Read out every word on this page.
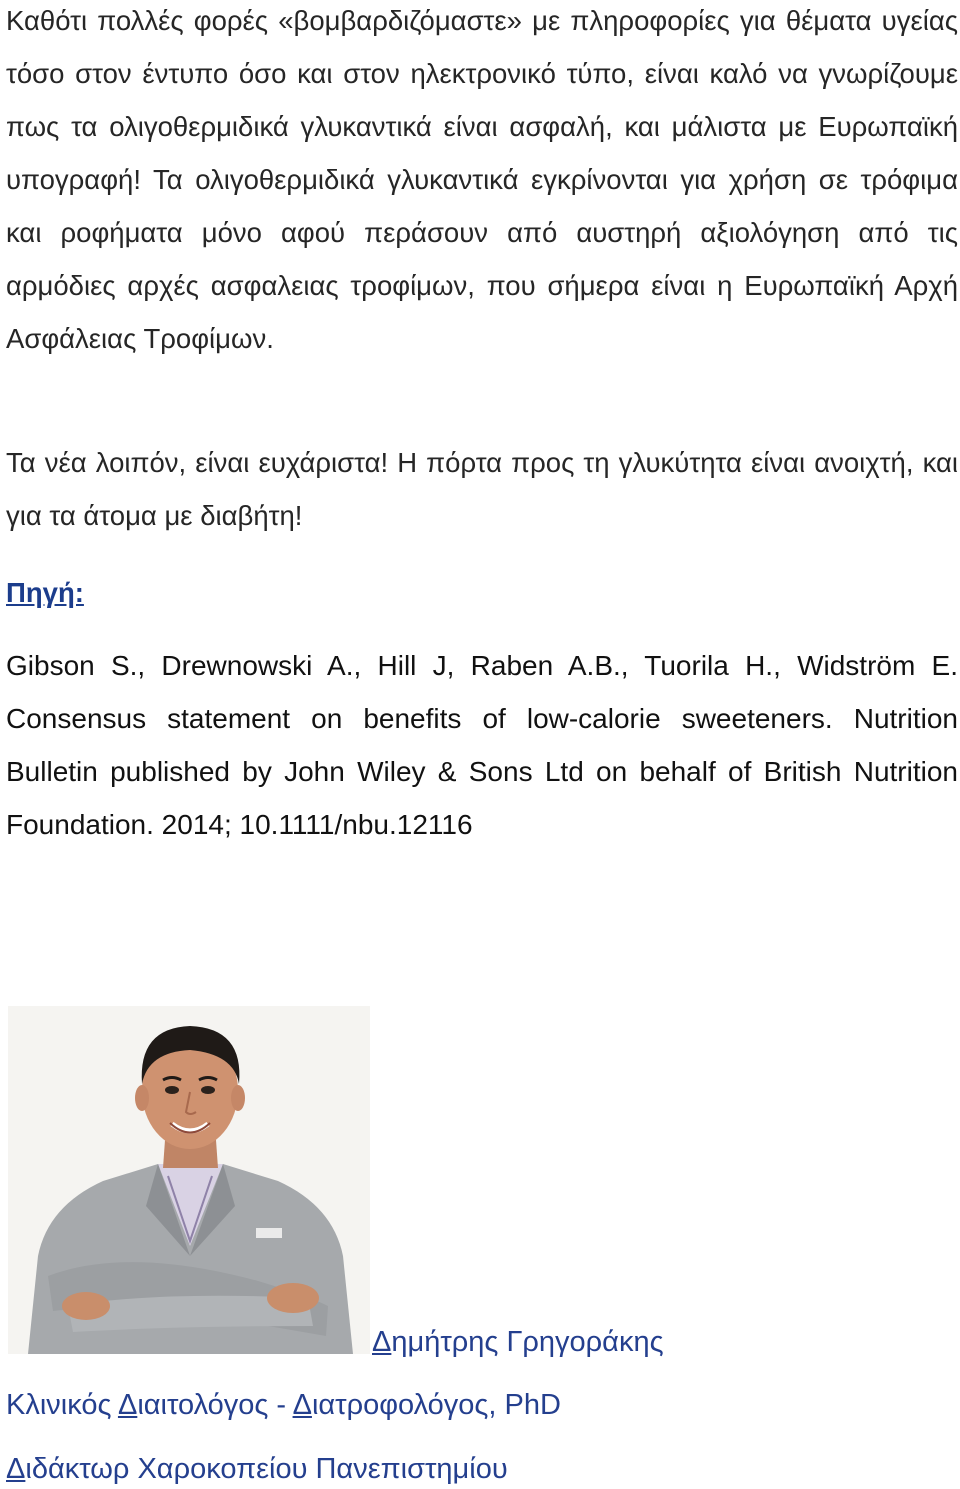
Καθότι πολλές φορές «βομβαρδιζόμαστε» με πληροφορίες για θέματα υγείας τόσο στον έντυπο όσο και στον ηλεκτρονικό τύπο, είναι καλό να γνωρίζουμε πως τα ολιγοθερμιδικά γλυκαντικά είναι ασφαλή, και μάλιστα με Ευρωπαϊκή υπογραφή! Τα ολιγοθερμιδικά γλυκαντικά εγκρίνονται για χρήση σε τρόφιμα και ροφήματα μόνο αφού περάσουν από αυστηρή αξιολόγηση από τις αρμόδιες αρχές ασφαλειας τροφίμων, που σήμερα είναι η Ευρωπαϊκή Αρχή Ασφάλειας Τροφίμων.

Τα νέα λοιπόν, είναι ευχάριστα! Η πόρτα προς τη γλυκύτητα είναι ανοιχτή, και για τα άτομα με διαβήτη!

Πηγή:

Gibson S., Drewnowski A., Hill J, Raben A.B., Tuorila H., Widström E. Consensus statement on benefits of low-calorie sweeteners. Nutrition Bulletin published by John Wiley & Sons Ltd on behalf of British Nutrition Foundation. 2014; 10.1111/nbu.12116

Δημήτρης Γρηγοράκης

Κλινικός Διαιτολόγος - Διατροφολόγος, PhD

Διδάκτωρ Χαροκοπείου Πανεπιστημίου
